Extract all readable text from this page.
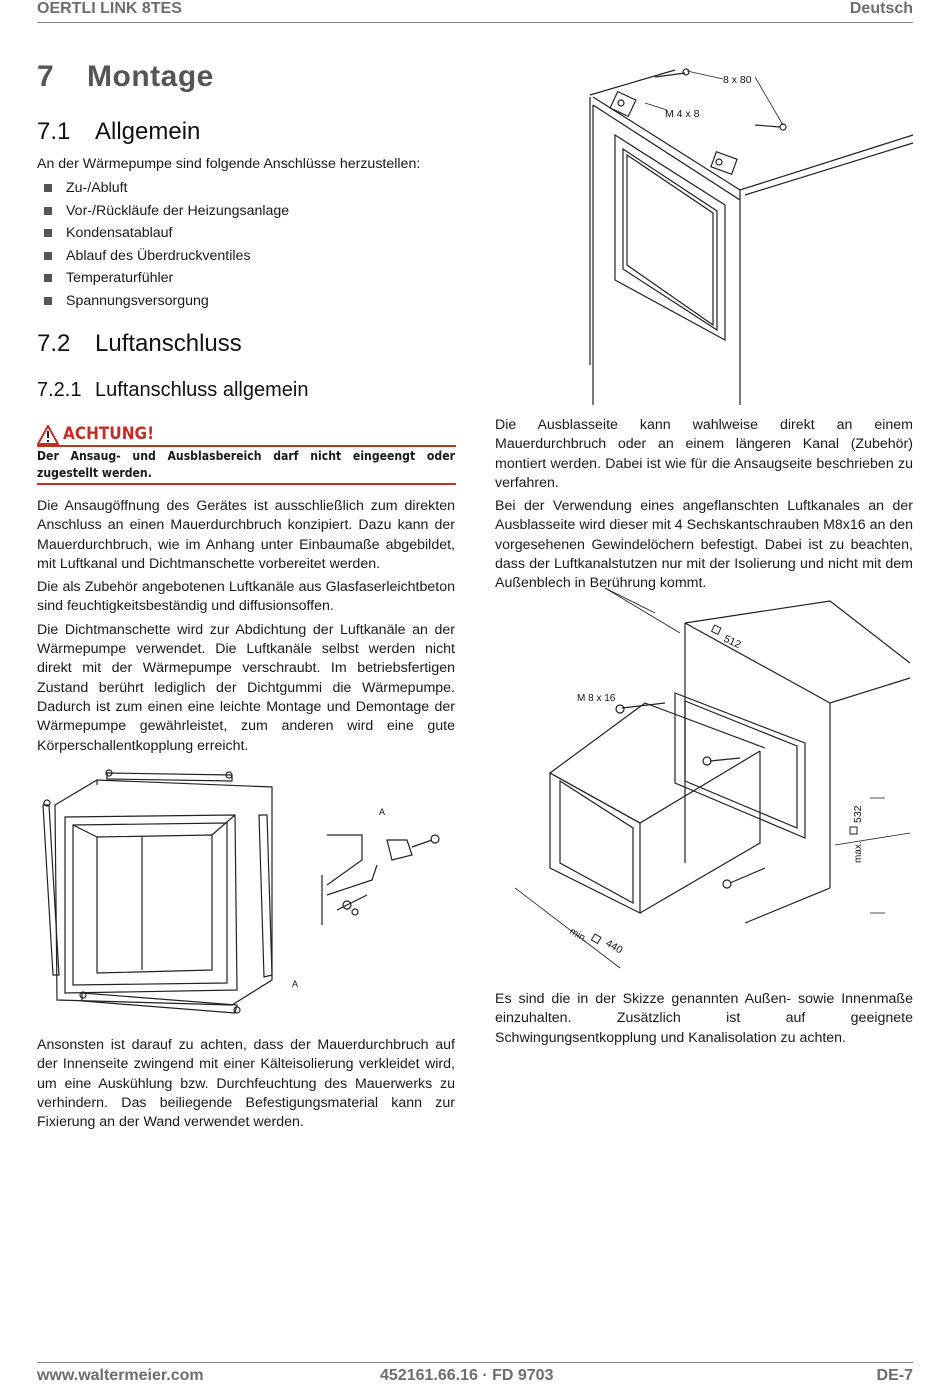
OERTLI LINK 8TES	Deutsch
7 Montage
7.1 Allgemein
An der Wärmepumpe sind folgende Anschlüsse herzustellen:
Zu-/Abluft
Vor-/Rückläufe der Heizungsanlage
Kondensatablauf
Ablauf des Überdruckventiles
Temperaturfühler
Spannungsversorgung
7.2 Luftanschluss
7.2.1 Luftanschluss allgemein
ACHTUNG!
Der Ansaug- und Ausblasbereich darf nicht eingeengt oder zugestellt werden.

Die Ansaugöffnung des Gerätes ist ausschließlich zum direkten Anschluss an einen Mauerdurchbruch konzipiert. Dazu kann der Mauerdurchbruch, wie im Anhang unter Einbaumaße abgebildet, mit Luftkanal und Dichtmanschette vorbereitet werden.

Die als Zubehör angebotenen Luftkanäle aus Glasfaserleichtbeton sind feuchtigkeitsbeständig und diffusionsoffen.

Die Dichtmanschette wird zur Abdichtung der Luftkanäle an der Wärmepumpe verwendet. Die Luftkanäle selbst werden nicht direkt mit der Wärmepumpe verschraubt. Im betriebsfertigen Zustand berührt lediglich der Dichtgummi die Wärmepumpe. Dadurch ist zum einen eine leichte Montage und Demontage der Wärmepumpe gewährleistet, zum anderen wird eine gute Körperschallentkopplung erreicht.

Die Ausblasseite kann wahlweise direkt an einem Mauerdurchbruch oder an einem längeren Kanal (Zubehör) montiert werden. Dabei ist wie für die Ansaugseite beschrieben zu verfahren.

Bei der Verwendung eines angeflanschten Luftkanales an der Ausblasseite wird dieser mit 4 Sechskantschrauben M8x16 an den vorgesehenen Gewindelöchern befestigt. Dabei ist zu beachten, dass der Luftkanalstutzen nur mit der Isolierung und nicht mit dem Außenblech in Berührung kommt.

8 x 80
M 4 x 8
A
A
512
M 8 x 16
max.
532
min.
440

Ansonsten ist darauf zu achten, dass der Mauerdurchbruch auf der Innenseite zwingend mit einer Kälteisolierung verkleidet wird, um eine Auskühlung bzw. Durchfeuchtung des Mauerwerks zu verhindern. Das beiliegende Befestigungsmaterial kann zur Fixierung an der Wand verwendet werden.

Es sind die in der Skizze genannten Außen- sowie Innenmaße einzuhalten. Zusätzlich ist auf geeignete Schwingungsentkopplung und Kanalisolation zu achten.

www.waltermeier.com	452161.66.16 · FD 9703	DE-7
